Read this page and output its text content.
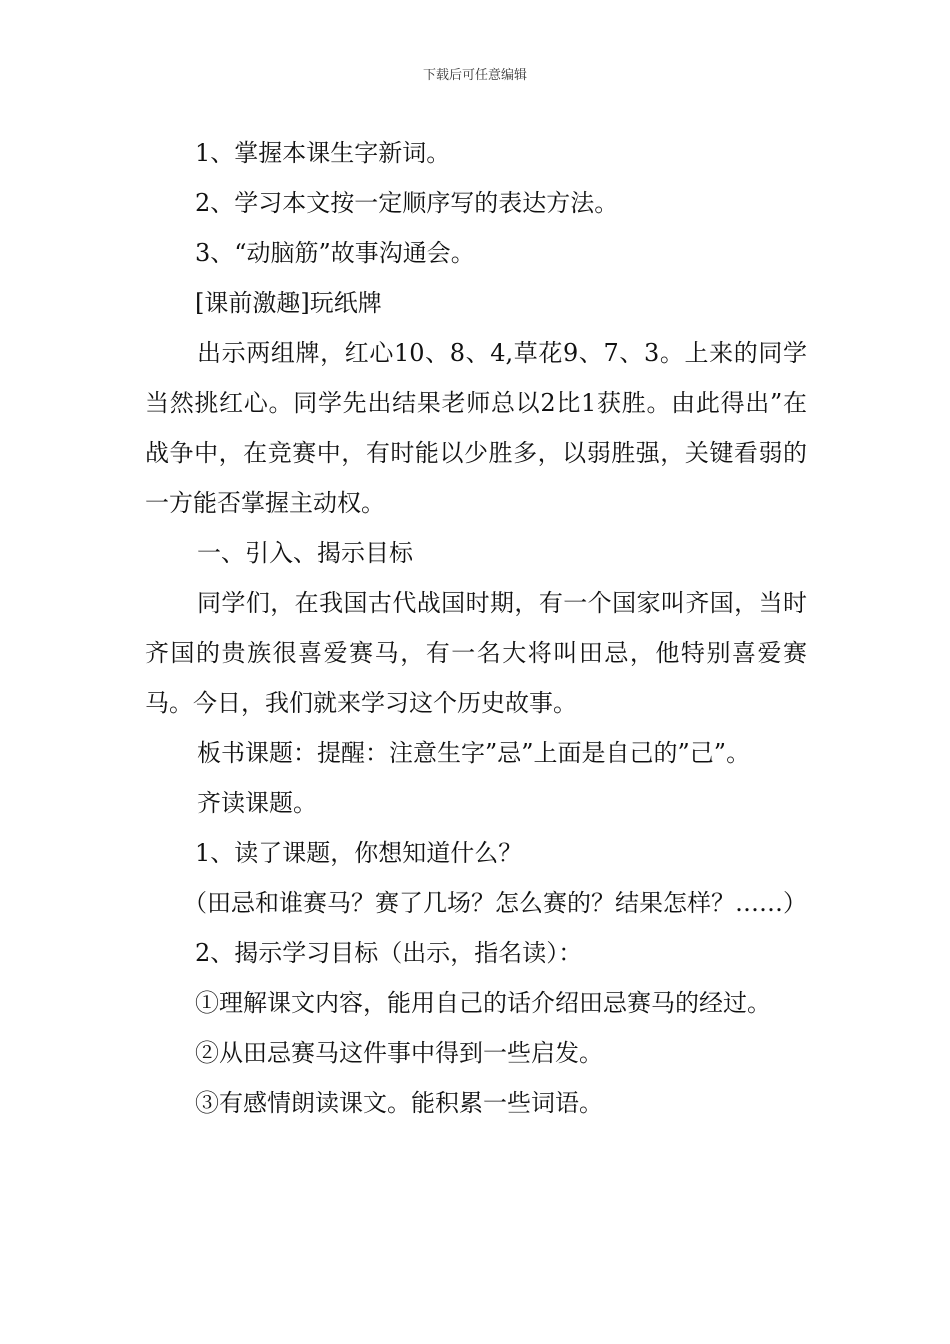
下载后可任意编辑

1、掌握本课生字新词。

2、学习本文按一定顺序写的表达方法。

3、“动脑筋”故事沟通会。

[课前激趣]玩纸牌

出示两组牌，红心10、8、4,草花9、7、3。上来的同学当然挑红心。同学先出结果老师总以2比1获胜。由此得出”在战争中，在竞赛中，有时能以少胜多，以弱胜强，关键看弱的一方能否掌握主动权。

一、引入、揭示目标

同学们，在我国古代战国时期，有一个国家叫齐国，当时齐国的贵族很喜爱赛马，有一名大将叫田忌，他特别喜爱赛马。今日，我们就来学习这个历史故事。

板书课题：提醒：注意生字”忌”上面是自己的”己”。

齐读课题。

1、读了课题，你想知道什么？

（田忌和谁赛马？赛了几场？怎么赛的？结果怎样？……）

2、揭示学习目标（出示，指名读）：

①理解课文内容，能用自己的话介绍田忌赛马的经过。

②从田忌赛马这件事中得到一些启发。

③有感情朗读课文。能积累一些词语。
